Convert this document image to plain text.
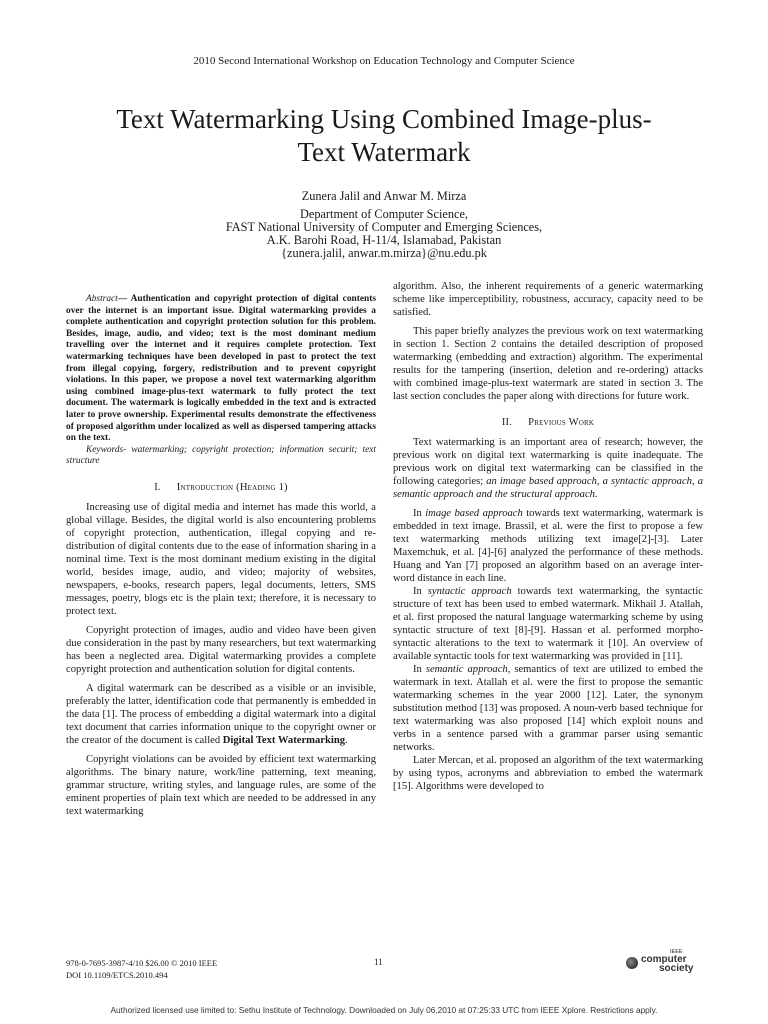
2010 Second International Workshop on Education Technology and Computer Science
Text Watermarking Using Combined Image-plus-
Text Watermark
Zunera Jalil and Anwar M. Mirza
Department of Computer Science,
FAST National University of Computer and Emerging Sciences,
A.K. Barohi Road, H-11/4, Islamabad, Pakistan
{zunera.jalil, anwar.m.mirza}@nu.edu.pk

Abstract— Authentication and copyright protection of digital contents over the internet is an important issue. Digital watermarking provides a complete authentication and copyright protection solution for this problem. Besides, image, audio, and video; text is the most dominant medium travelling over the internet and it requires complete protection. Text watermarking techniques have been developed in past to protect the text from illegal copying, forgery, redistribution and to prevent copyright violations. In this paper, we propose a novel text watermarking algorithm using combined image-plus-text watermark to fully protect the text document. The watermark is logically embedded in the text and is extracted later to prove ownership. Experimental results demonstrate the effectiveness of proposed algorithm under localized as well as dispersed tampering attacks on the text.

Keywords- watermarking; copyright protection; information securit; text structure

I. Introduction (Heading 1)

Increasing use of digital media and internet has made this world, a global village. Besides, the digital world is also encountering problems of copyright protection, authentication, illegal copying and re-distribution of digital contents due to the ease of information sharing in a nominal time. Text is the most dominant medium existing in the digital world, besides image, audio, and video; majority of websites, newspapers, e-books, research papers, legal documents, letters, SMS messages, poetry, blogs etc is the plain text; therefore, it is necessary to protect text.

Copyright protection of images, audio and video have been given due consideration in the past by many researchers, but text watermarking has been a neglected area. Digital watermarking provides a complete copyright protection and authentication solution for digital contents.

A digital watermark can be described as a visible or an invisible, preferably the latter, identification code that permanently is embedded in the data [1]. The process of embedding a digital watermark into a digital text document that carries information unique to the copyright owner or the creator of the document is called Digital Text Watermarking.

Copyright violations can be avoided by efficient text watermarking algorithms. The binary nature, work/line patterning, text meaning, grammar structure, writing styles, and language rules, are some of the eminent properties of plain text which are needed to be addressed in any text watermarking

algorithm. Also, the inherent requirements of a generic watermarking scheme like imperceptibility, robustness, accuracy, capacity need to be satisfied.

This paper briefly analyzes the previous work on text watermarking in section 1. Section 2 contains the detailed description of proposed watermarking (embedding and extraction) algorithm. The experimental results for the tampering (insertion, deletion and re-ordering) attacks with combined image-plus-text watermark are stated in section 3. The last section concludes the paper along with directions for future work.

II. Previous Work

Text watermarking is an important area of research; however, the previous work on digital text watermarking is quite inadequate. The previous work on digital text watermarking can be classified in the following categories; an image based approach, a syntactic approach, a semantic approach and the structural approach.

In image based approach towards text watermarking, watermark is embedded in text image. Brassil, et al. were the first to propose a few text watermarking methods utilizing text image[2]-[3]. Later Maxemchuk, et al. [4]-[6] analyzed the performance of these methods. Huang and Yan [7] proposed an algorithm based on an average inter-word distance in each line.

In syntactic approach towards text watermarking, the syntactic structure of text has been used to embed watermark. Mikhail J. Atallah, et al. first proposed the natural language watermarking scheme by using syntactic structure of text [8]-[9]. Hassan et al. performed morpho-syntactic alterations to the text to watermark it [10]. An overview of available syntactic tools for text watermarking was provided in [11].

In semantic approach, semantics of text are utilized to embed the watermark in text. Atallah et al. were the first to propose the semantic watermarking schemes in the year 2000 [12]. Later, the synonym substitution method [13] was proposed. A noun-verb based technique for text watermarking was also proposed [14] which exploit nouns and verbs in a sentence parsed with a grammar parser using semantic networks.

Later Mercan, et al. proposed an algorithm of the text watermarking by using typos, acronyms and abbreviation to embed the watermark [15]. Algorithms were developed to

978-0-7695-3987-4/10 $26.00 © 2010 IEEE
DOI 10.1109/ETCS.2010.494
11
IEEE
computer
society
Authorized licensed use limited to: Sethu Institute of Technology. Downloaded on July 06,2010 at 07:25:33 UTC from IEEE Xplore. Restrictions apply.
